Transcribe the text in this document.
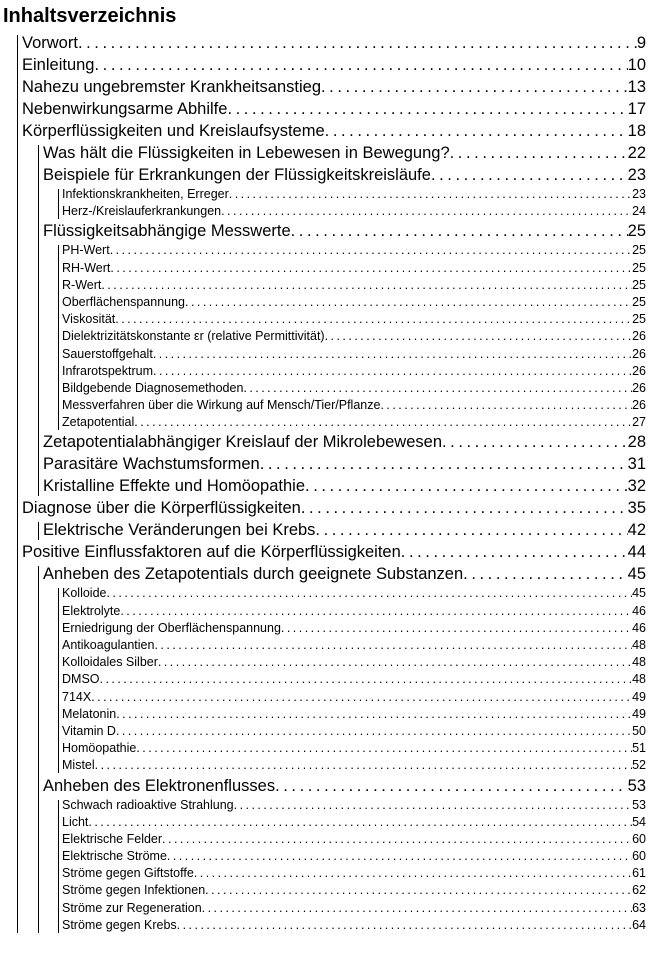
Inhaltsverzeichnis
Vorwort . . .	9
Einleitung . . .	10
Nahezu ungebremster Krankheitsanstieg . . .	13
Nebenwirkungsarme Abhilfe . . .	17
Körperflüssigkeiten und Kreislaufsysteme . . .	18
Was hält die Flüssigkeiten in Lebewesen in Bewegung? . . .	22
Beispiele für Erkrankungen der Flüssigkeitskreisläufe . . .	23
Infektionskrankheiten, Erreger . . .	23
Herz-/Kreislauferkrankungen . . .	24
Flüssigkeitsabhängige Messwerte . . .	25
PH-Wert . . .	25
RH-Wert . . .	25
R-Wert . . .	25
Oberflächenspannung . . .	25
Viskosität . . .	25
Dielektrizitätskonstante εr (relative Permittivität) . . .	26
Sauerstoffgehalt . . .	26
Infrarotspektrum . . .	26
Bildgebende Diagnosemethoden . . .	26
Messverfahren über die Wirkung auf Mensch/Tier/Pflanze . . .	26
Zetapotential . . .	27
Zetapotentialabhängiger Kreislauf der Mikrolebewesen . . .	28
Parasitäre Wachstumsformen . . .	31
Kristalline Effekte und Homöopathie . . .	32
Diagnose über die Körperflüssigkeiten . . .	35
Elektrische Veränderungen bei Krebs . . .	42
Positive Einflussfaktoren auf die Körperflüssigkeiten . . .	44
Anheben des Zetapotentials durch geeignete Substanzen . . .	45
Kolloide . . .	45
Elektrolyte . . .	46
Erniedrigung der Oberflächenspannung . . .	46
Antikoagulantien . . .	48
Kolloidales Silber . . .	48
DMSO . . .	48
714X . . .	49
Melatonin . . .	49
Vitamin D . . .	50
Homöopathie . . .	51
Mistel . . .	52
Anheben des Elektronenflusses . . .	53
Schwach radioaktive Strahlung . . .	53
Licht . . .	54
Elektrische Felder . . .	60
Elektrische Ströme . . .	60
Ströme gegen Giftstoffe . . .	61
Ströme gegen Infektionen . . .	62
Ströme zur Regeneration . . .	63
Ströme gegen Krebs . . .	64
